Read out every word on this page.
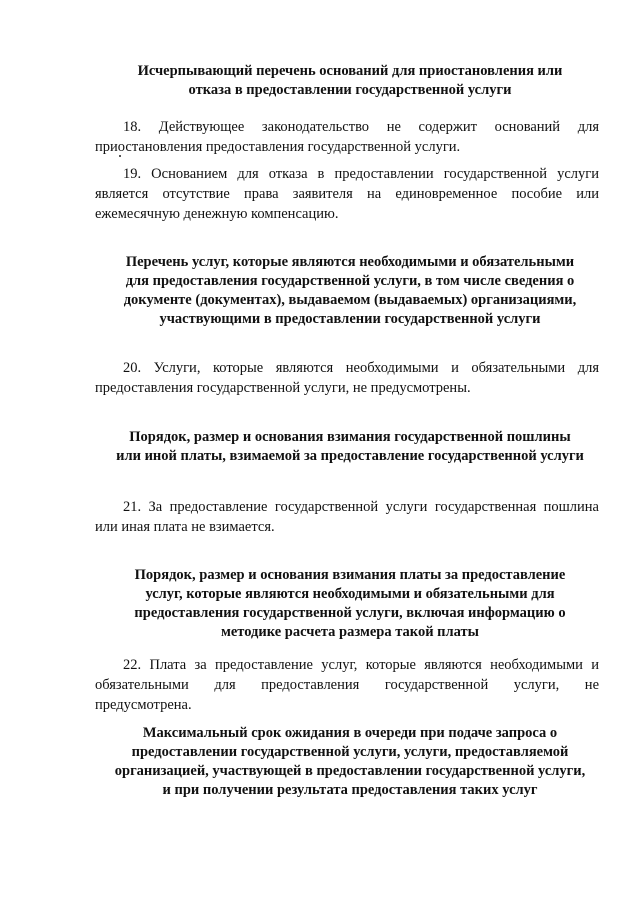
Исчерпывающий перечень оснований для приостановления или
отказа в предоставлении государственной услуги
18. Действующее законодательство не содержит оснований для
приостановления предоставления государственной услуги.
19. Основанием для отказа в предоставлении государственной услуги
является отсутствие права заявителя на единовременное пособие или
ежемесячную денежную компенсацию.
Перечень услуг, которые являются необходимыми и обязательными
для предоставления государственной услуги, в том числе сведения о
документе (документах), выдаваемом (выдаваемых) организациями,
участвующими в предоставлении государственной услуги
20. Услуги, которые являются необходимыми и обязательными для
предоставления государственной услуги, не предусмотрены.
Порядок, размер и основания взимания государственной пошлины
или иной платы, взимаемой за предоставление государственной услуги
21. За предоставление государственной услуги государственная пошлина
или иная плата не взимается.
Порядок, размер и основания взимания платы за предоставление
услуг, которые являются необходимыми и обязательными для
предоставления государственной услуги, включая информацию о
методике расчета размера такой платы
22. Плата за предоставление услуг, которые являются необходимыми и
обязательными для предоставления государственной услуги, не
предусмотрена.
Максимальный срок ожидания в очереди при подаче запроса о
предоставлении государственной услуги, услуги, предоставляемой
организацией, участвующей в предоставлении государственной услуги,
и при получении результата предоставления таких услуг
